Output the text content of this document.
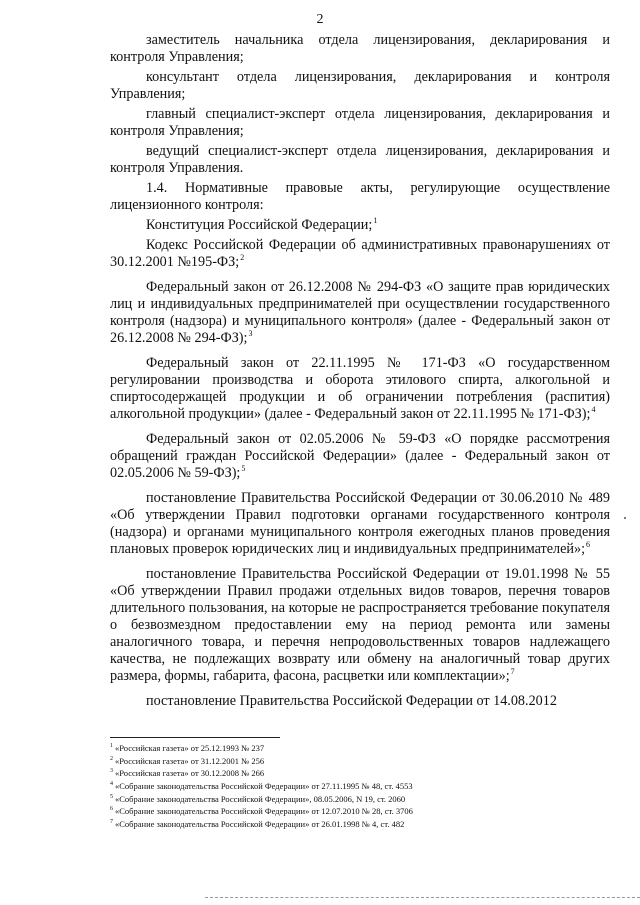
2

заместитель начальника отдела лицензирования, декларирования и контроля Управления;

консультант отдела лицензирования, декларирования и контроля Управления;

главный специалист-эксперт отдела лицензирования, декларирования и контроля Управления;

ведущий специалист-эксперт отдела лицензирования, декларирования и контроля Управления.

1.4. Нормативные правовые акты, регулирующие осуществление лицензионного контроля:

Конституция Российской Федерации;$^1$

Кодекс Российской Федерации об административных правонарушениях от 30.12.2001 №195-ФЗ;$^2$

Федеральный закон от 26.12.2008 № 294-ФЗ «О защите прав юридических лиц и индивидуальных предпринимателей при осуществлении государственного контроля (надзора) и муниципального контроля» (далее - Федеральный закон от 26.12.2008 № 294-ФЗ);$^3$

Федеральный закон от 22.11.1995 № 171-ФЗ «О государственном регулировании производства и оборота этилового спирта, алкогольной и спиртосодержащей продукции и об ограничении потребления (распития) алкогольной продукции» (далее - Федеральный закон от 22.11.1995 № 171-ФЗ);$^4$

Федеральный закон от 02.05.2006 № 59-ФЗ «О порядке рассмотрения обращений граждан Российской Федерации» (далее - Федеральный закон от 02.05.2006 № 59-ФЗ);$^5$

постановление Правительства Российской Федерации от 30.06.2010 № 489 «Об утверждении Правил подготовки органами государственного контроля (надзора) и органами муниципального контроля ежегодных планов проведения плановых проверок юридических лиц и индивидуальных предпринимателей»;$^6$

постановление Правительства Российской Федерации от 19.01.1998 № 55 «Об утверждении Правил продажи отдельных видов товаров, перечня товаров длительного пользования, на которые не распространяется требование покупателя о безвозмездном предоставлении ему на период ремонта или замены аналогичного товара, и перечня непродовольственных товаров надлежащего качества, не подлежащих возврату или обмену на аналогичный товар других размера, формы, габарита, фасона, расцветки или комплектации»;$^7$

постановление Правительства Российской Федерации от 14.08.2012

$^1$ «Российская газета» от 25.12.1993 № 237
$^2$ «Российская газета» от 31.12.2001 № 256
$^3$ «Российская газета» от 30.12.2008 № 266
$^4$ «Собрание законодательства Российской Федерации» от 27.11.1995 № 48, ст. 4553
$^5$ «Собрание законодательства Российской Федерации», 08.05.2006, N 19, ст. 2060
$^6$ «Собрание законодательства Российской Федерации» от 12.07.2010 № 28, ст. 3706
$^7$ «Собрание законодательства Российской Федерации» от 26.01.1998 № 4, ст. 482
